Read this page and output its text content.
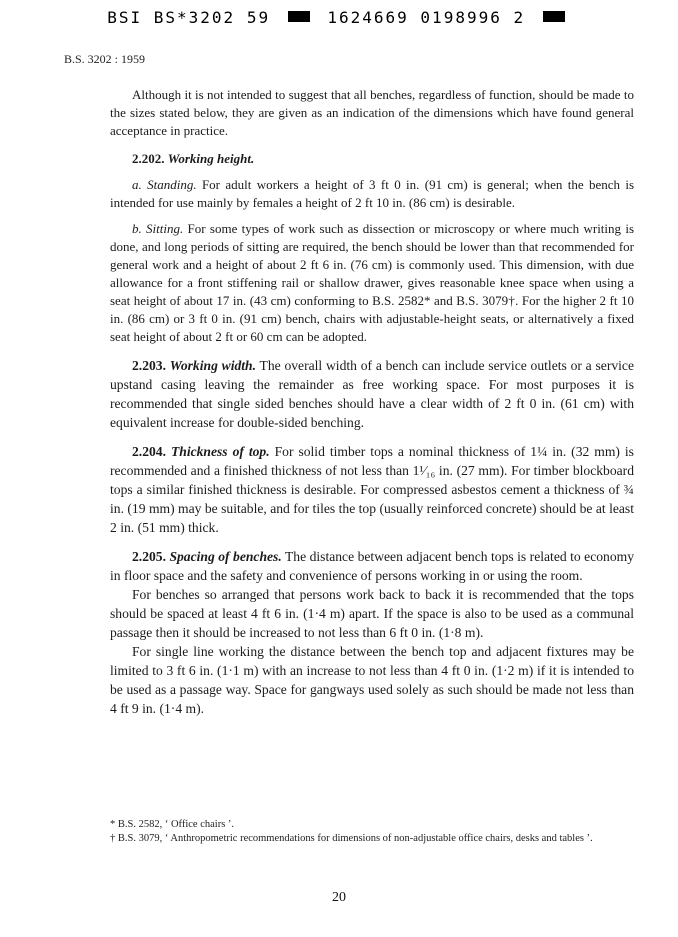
BSI BS*3202 59	1624669 0198996 2
B.S. 3202 : 1959

Although it is not intended to suggest that all benches, regardless of function, should be made to the sizes stated below, they are given as an indication of the dimensions which have found general acceptance in practice.

2.202. Working height.

a. Standing. For adult workers a height of 3 ft 0 in. (91 cm) is general; when the bench is intended for use mainly by females a height of 2 ft 10 in. (86 cm) is desirable.

b. Sitting. For some types of work such as dissection or microscopy or where much writing is done, and long periods of sitting are required, the bench should be lower than that recommended for general work and a height of about 2 ft 6 in. (76 cm) is commonly used. This dimension, with due allowance for a front stiffening rail or shallow drawer, gives reasonable knee space when using a seat height of about 17 in. (43 cm) conforming to B.S. 2582* and B.S. 3079†. For the higher 2 ft 10 in. (86 cm) or 3 ft 0 in. (91 cm) bench, chairs with adjustable-height seats, or alternatively a fixed seat height of about 2 ft or 60 cm can be adopted.

2.203. Working width. The overall width of a bench can include service outlets or a service upstand casing leaving the remainder as free working space. For most purposes it is recommended that single sided benches should have a clear width of 2 ft 0 in. (61 cm) with equivalent increase for double-sided benching.

2.204. Thickness of top. For solid timber tops a nominal thickness of 1¼ in. (32 mm) is recommended and a finished thickness of not less than 1¹⁄₁₆ in. (27 mm). For timber blockboard tops a similar finished thickness is desirable. For compressed asbestos cement a thickness of ¾ in. (19 mm) may be suitable, and for tiles the top (usually reinforced concrete) should be at least 2 in. (51 mm) thick.

2.205. Spacing of benches. The distance between adjacent bench tops is related to economy in floor space and the safety and convenience of persons working in or using the room.

For benches so arranged that persons work back to back it is recommended that the tops should be spaced at least 4 ft 6 in. (1·4 m) apart. If the space is also to be used as a communal passage then it should be increased to not less than 6 ft 0 in. (1·8 m).

For single line working the distance between the bench top and adjacent fixtures may be limited to 3 ft 6 in. (1·1 m) with an increase to not less than 4 ft 0 in. (1·2 m) if it is intended to be used as a passage way. Space for gangways used solely as such should be made not less than 4 ft 9 in. (1·4 m).

* B.S. 2582, ‘ Office chairs ’.

† B.S. 3079, ‘ Anthropometric recommendations for dimensions of non-adjustable office chairs, desks and tables ’.

20
